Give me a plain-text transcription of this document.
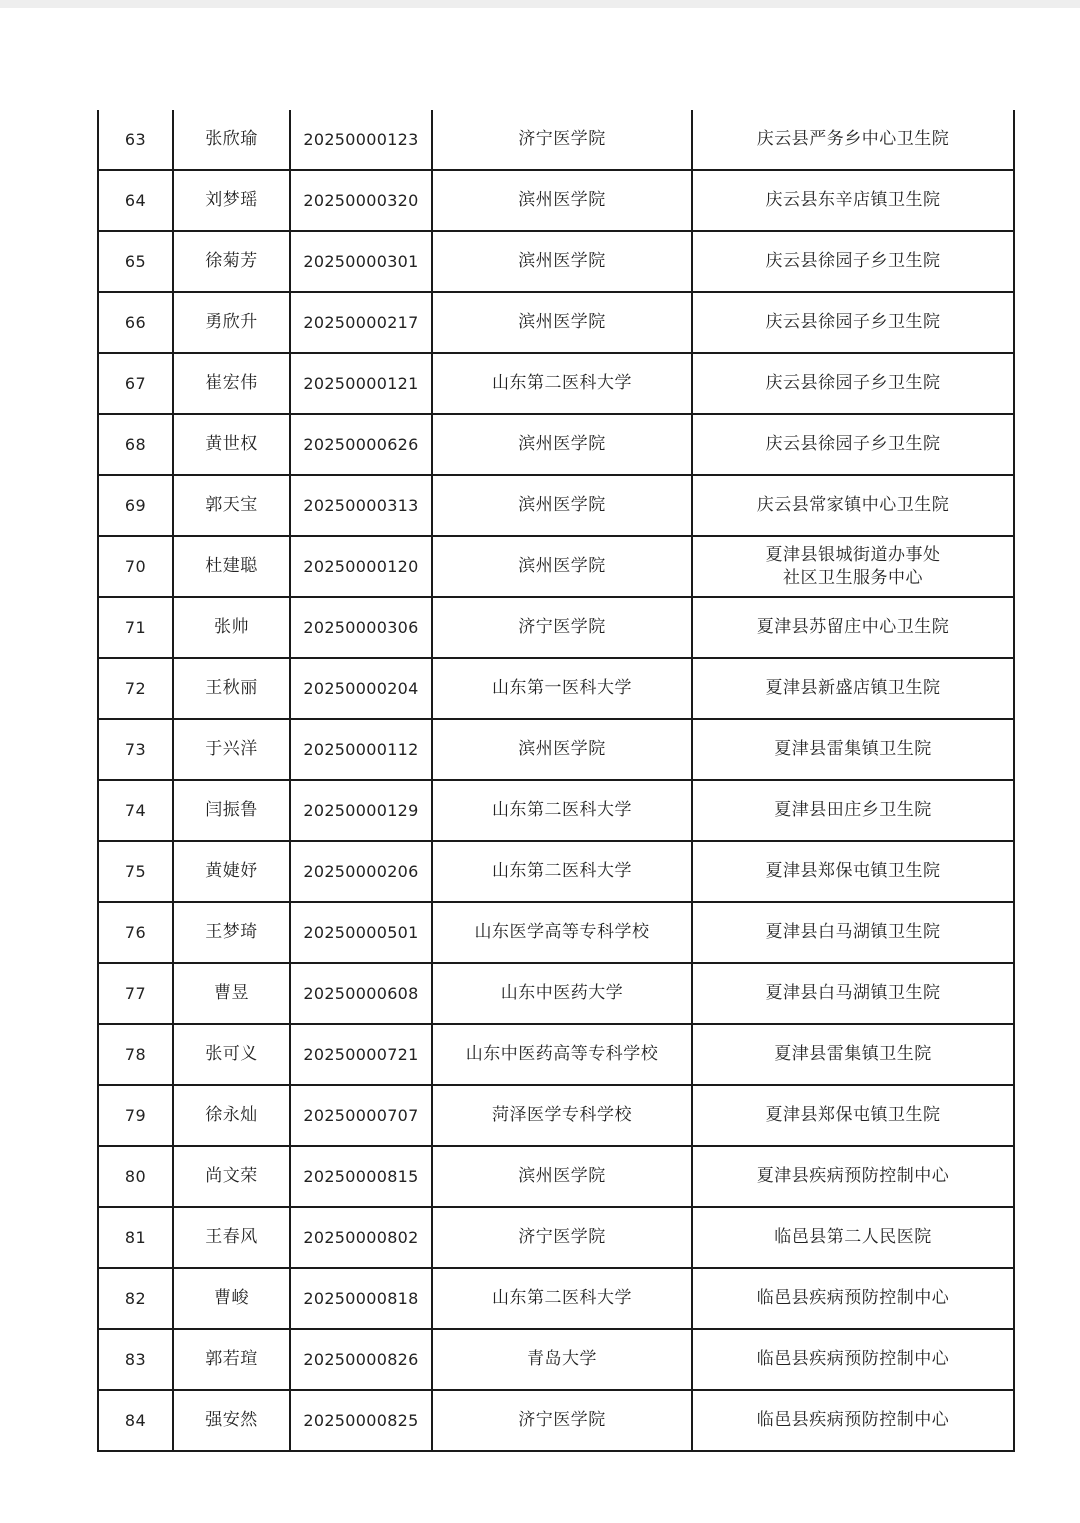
63	张欣瑜	20250000123	济宁医学院	庆云县严务乡中心卫生院

64	刘梦瑶	20250000320	滨州医学院	庆云县东辛店镇卫生院

65	徐菊芳	20250000301	滨州医学院	庆云县徐园子乡卫生院

66	勇欣升	20250000217	滨州医学院	庆云县徐园子乡卫生院

67	崔宏伟	20250000121	山东第二医科大学	庆云县徐园子乡卫生院

68	黄世权	20250000626	滨州医学院	庆云县徐园子乡卫生院

69	郭天宝	20250000313	滨州医学院	庆云县常家镇中心卫生院

70	杜建聪	20250000120	滨州医学院	夏津县银城街道办事处
社区卫生服务中心

71	张帅	20250000306	济宁医学院	夏津县苏留庄中心卫生院

72	王秋丽	20250000204	山东第一医科大学	夏津县新盛店镇卫生院

73	于兴洋	20250000112	滨州医学院	夏津县雷集镇卫生院

74	闫振鲁	20250000129	山东第二医科大学	夏津县田庄乡卫生院

75	黄婕妤	20250000206	山东第二医科大学	夏津县郑保屯镇卫生院

76	王梦琦	20250000501	山东医学高等专科学校	夏津县白马湖镇卫生院

77	曹昱	20250000608	山东中医药大学	夏津县白马湖镇卫生院

78	张可义	20250000721	山东中医药高等专科学校	夏津县雷集镇卫生院

79	徐永灿	20250000707	菏泽医学专科学校	夏津县郑保屯镇卫生院

80	尚文荣	20250000815	滨州医学院	夏津县疾病预防控制中心

81	王春风	20250000802	济宁医学院	临邑县第二人民医院

82	曹峻	20250000818	山东第二医科大学	临邑县疾病预防控制中心

83	郭若瑄	20250000826	青岛大学	临邑县疾病预防控制中心

84	强安然	20250000825	济宁医学院	临邑县疾病预防控制中心
